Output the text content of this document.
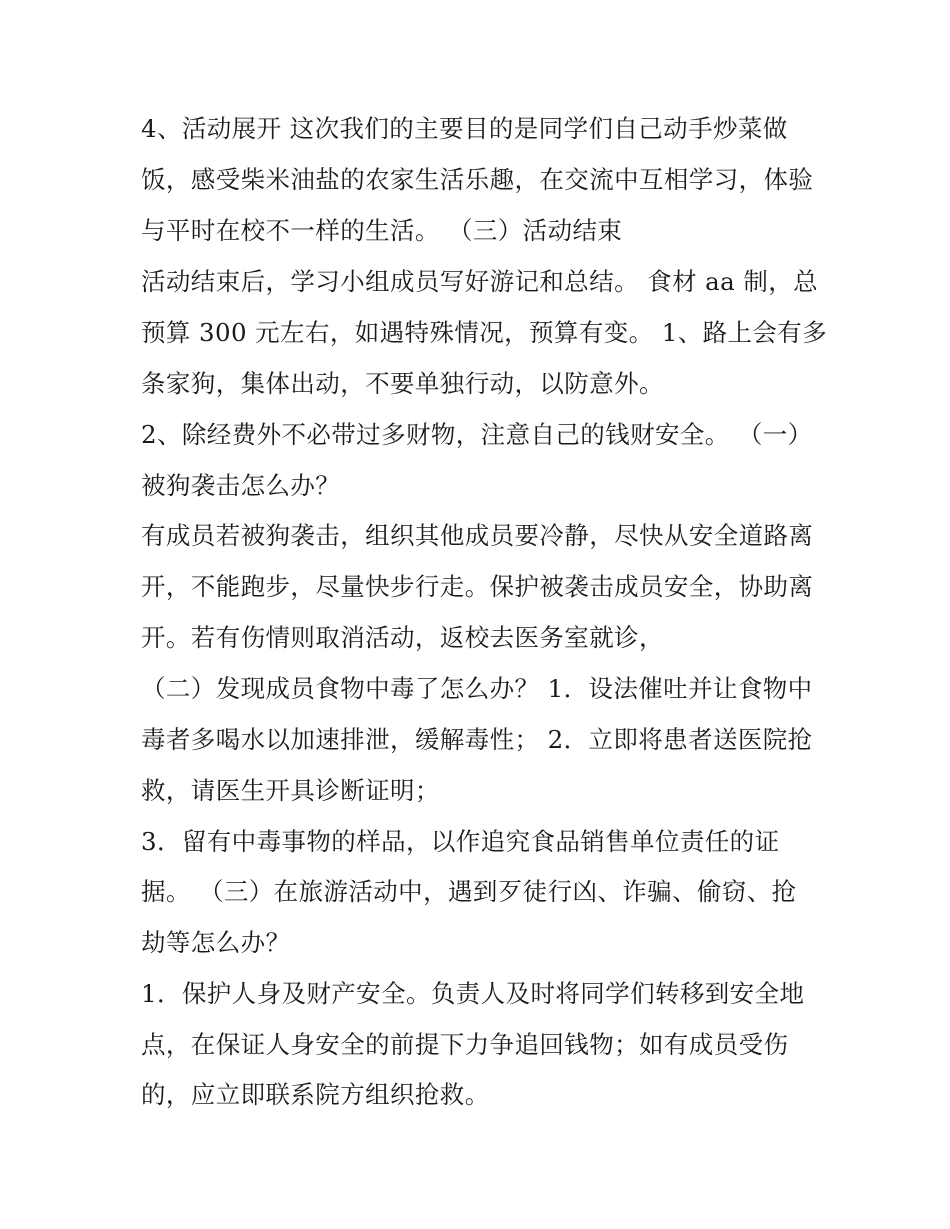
4、活动展开 这次我们的主要目的是同学们自己动手炒菜做
饭，感受柴米油盐的农家生活乐趣，在交流中互相学习，体验
与平时在校不一样的生活。 （三）活动结束
活动结束后，学习小组成员写好游记和总结。 食材 aa 制，总
预算 300 元左右，如遇特殊情况，预算有变。 1、路上会有多
条家狗，集体出动，不要单独行动，以防意外。
2、除经费外不必带过多财物，注意自己的钱财安全。 （一）
被狗袭击怎么办？
有成员若被狗袭击，组织其他成员要冷静，尽快从安全道路离
开，不能跑步，尽量快步行走。保护被袭击成员安全，协助离
开。若有伤情则取消活动，返校去医务室就诊，
（二）发现成员食物中毒了怎么办？ 1．设法催吐并让食物中
毒者多喝水以加速排泄，缓解毒性； 2．立即将患者送医院抢
救，请医生开具诊断证明；
3．留有中毒事物的样品，以作追究食品销售单位责任的证
据。 （三）在旅游活动中，遇到歹徒行凶、诈骗、偷窃、抢
劫等怎么办？
1．保护人身及财产安全。负责人及时将同学们转移到安全地
点，在保证人身安全的前提下力争追回钱物；如有成员受伤
的，应立即联系院方组织抢救。
